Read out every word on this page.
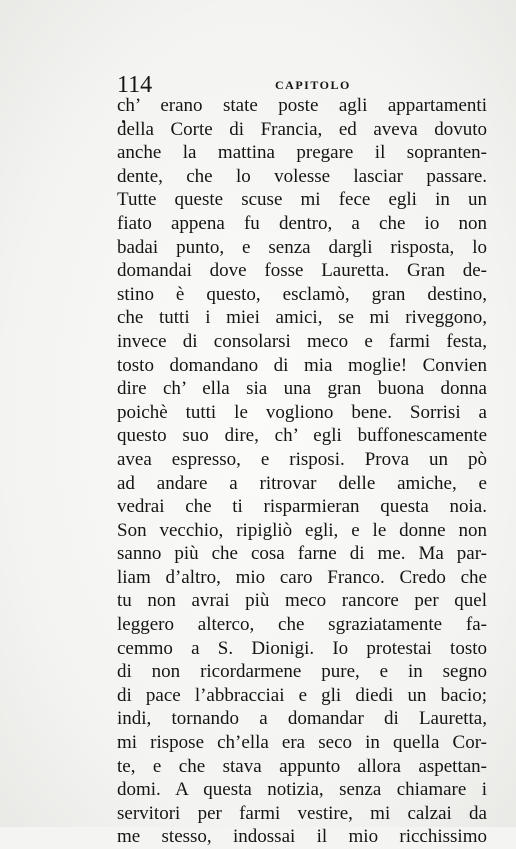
114	CAPITOLO
ch’ erano state poste agli appartamenti
della Corte di Francia, ed aveva dovuto
anche la mattina pregare il sopranten-
dente, che lo volesse lasciar passare.
Tutte queste scuse mi fece egli in un
fiato appena fu dentro, a che io non
badai punto, e senza dargli risposta, lo
domandai dove fosse Lauretta. Gran de-
stino è questo, esclamò, gran destino,
che tutti i miei amici, se mi riveggono,
invece di consolarsi meco e farmi festa,
tosto domandano di mia moglie! Convien
dire ch’ ella sia una gran buona donna
poichè tutti le vogliono bene. Sorrisi a
questo suo dire, ch’ egli buffonescamente
avea espresso, e risposi. Prova un pò
ad andare a ritrovar delle amiche, e
vedrai che ti risparmieran questa noia.
Son vecchio, ripigliò egli, e le donne non
sanno più che cosa farne di me. Ma par-
liam d’altro, mio caro Franco. Credo che
tu non avrai più meco rancore per quel
leggero alterco, che sgraziatamente fa-
cemmo a S. Dionigi. Io protestai tosto
di non ricordarmene pure, e in segno
di pace l’abbracciai e gli diedi un bacio;
indi, tornando a domandar di Lauretta,
mi rispose ch’ella era seco in quella Cor-
te, e che stava appunto allora aspettan-
domi. A questa notizia, senza chiamare i
servitori per farmi vestire, mi calzai da
me stesso, indossai il mio ricchissimo
